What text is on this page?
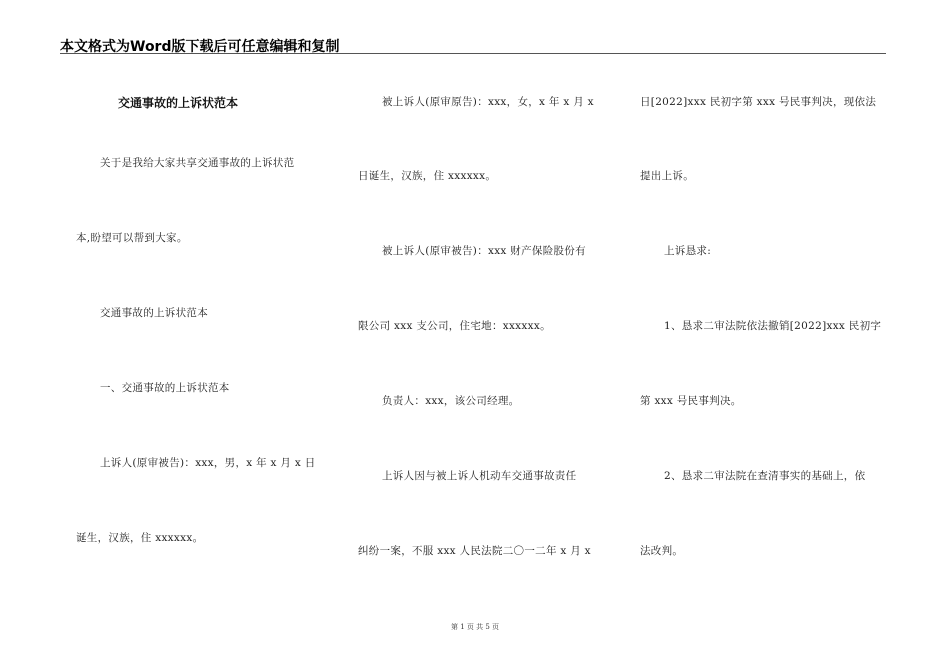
本文格式为Word版下载后可任意编辑和复制
交通事故的上诉状范本
关于是我给大家共享交通事故的上诉状范
本,盼望可以帮到大家。
交通事故的上诉状范本
一、交通事故的上诉状范本
上诉人(原审被告)：xxx，男，x 年 x 月 x 日
诞生，汉族，住 xxxxxx。
被上诉人(原审原告)：xxx，女，x 年 x 月 x
日诞生，汉族，住 xxxxxx。
被上诉人(原审被告)：xxx 财产保险股份有
限公司 xxx 支公司，住宅地：xxxxxx。
负责人：xxx，该公司经理。
上诉人因与被上诉人机动车交通事故责任
纠纷一案，不服 xxx 人民法院二〇一二年 x 月 x
日[2022]xxx 民初字第 xxx 号民事判决，现依法
提出上诉。
上诉恳求:
1、恳求二审法院依法撤销[2022]xxx 民初字
第 xxx 号民事判决。
2、恳求二审法院在查清事实的基础上，依
法改判。
第 1 页 共 5 页
